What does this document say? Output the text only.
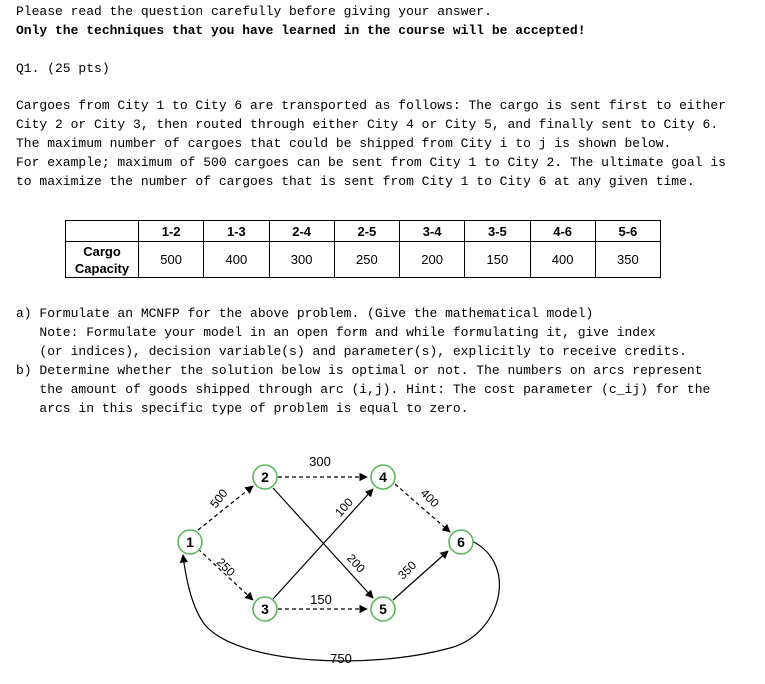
Please read the question carefully before giving your answer.
Only the techniques that you have learned in the course will be accepted!
Q1. (25 pts)
Cargoes from City 1 to City 6 are transported as follows: The cargo is sent first to either
City 2 or City 3, then routed through either City 4 or City 5, and finally sent to City 6.
The maximum number of cargoes that could be shipped from City i to j is shown below.
For example; maximum of 500 cargoes can be sent from City 1 to City 2. The ultimate goal is
to maximize the number of cargoes that is sent from City 1 to City 6 at any given time.
	1-2	1-3	2-4	2-5	3-4	3-5	4-6	5-6
Cargo
Capacity	500	400	300	250	200	150	400	350
a) Formulate an MCNFP for the above problem. (Give the mathematical model)
Note: Formulate your model in an open form and while formulating it, give index
(or indices), decision variable(s) and parameter(s), explicitly to receive credits.
b) Determine whether the solution below is optimal or not. The numbers on arcs represent
the amount of goods shipped through arc (i,j). Hint: The cost parameter (c_ij) for the
arcs in this specific type of problem is equal to zero.
500
250
300
150
100
200
400
350
750
1
2
3
4
5
6
